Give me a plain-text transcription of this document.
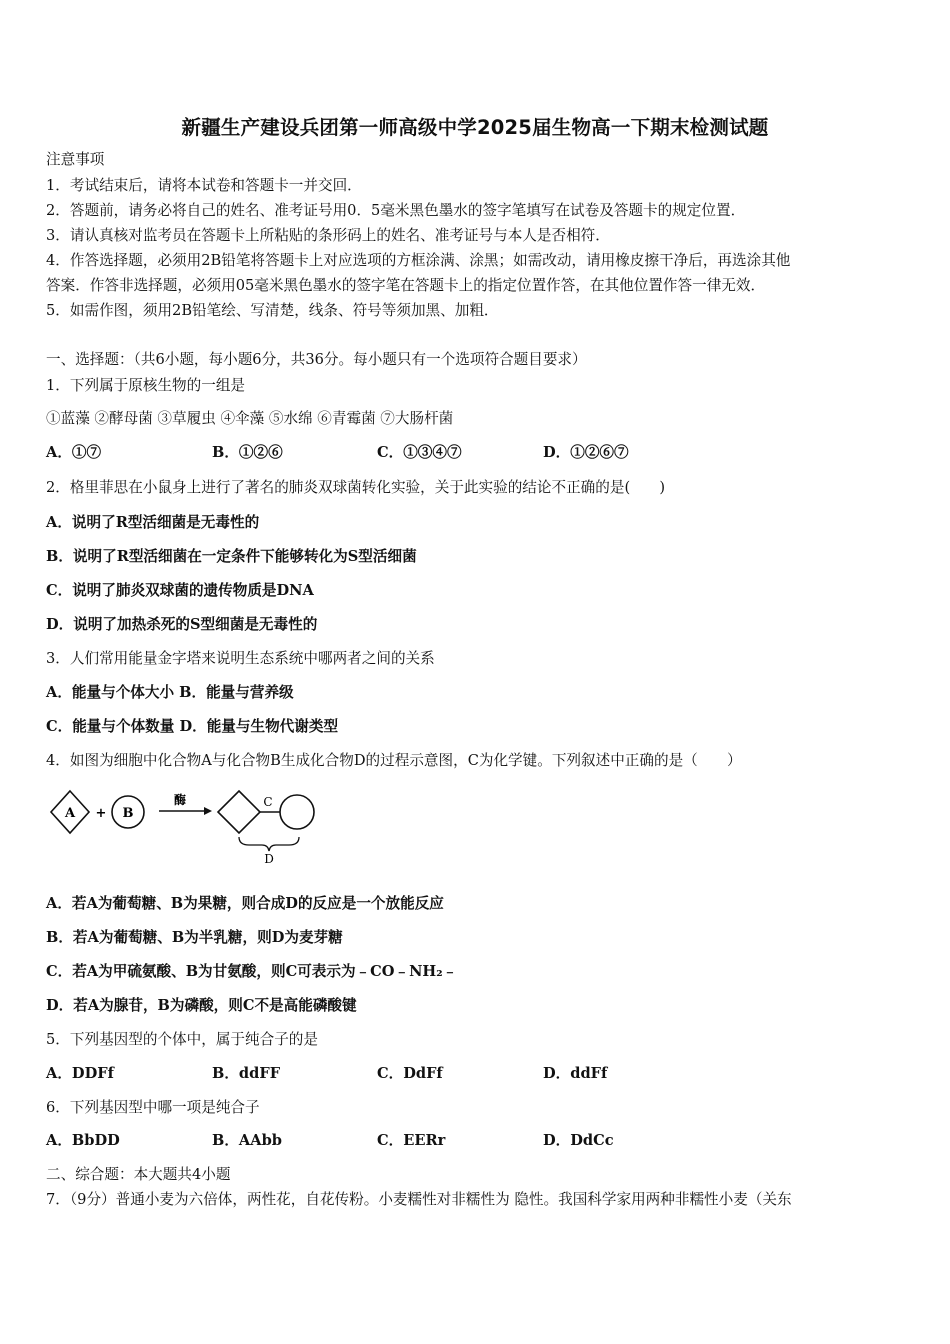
新疆生产建设兵团第一师高级中学2025届生物高一下期末检测试题
注意事项
1．考试结束后，请将本试卷和答题卡一并交回．
2．答题前，请务必将自己的姓名、准考证号用0．5毫米黑色墨水的签字笔填写在试卷及答题卡的规定位置．
3．请认真核对监考员在答题卡上所粘贴的条形码上的姓名、准考证号与本人是否相符．
4．作答选择题，必须用2B铅笔将答题卡上对应选项的方框涂满、涂黑；如需改动，请用橡皮擦干净后，再选涂其他
答案．作答非选择题，必须用05毫米黑色墨水的签字笔在答题卡上的指定位置作答，在其他位置作答一律无效．
5．如需作图，须用2B铅笔绘、写清楚，线条、符号等须加黑、加粗．
一、选择题：（共6小题，每小题6分，共36分。每小题只有一个选项符合题目要求）
1．下列属于原核生物的一组是
①蓝藻 ②酵母菌 ③草履虫 ④伞藻 ⑤水绵 ⑥青霉菌 ⑦大肠杆菌
A．①⑦	B．①②⑥	C．①③④⑦	D．①②⑥⑦
2．格里菲思在小鼠身上进行了著名的肺炎双球菌转化实验，关于此实验的结论不正确的是(　　)
A．说明了R型活细菌是无毒性的
B．说明了R型活细菌在一定条件下能够转化为S型活细菌
C．说明了肺炎双球菌的遗传物质是DNA
D．说明了加热杀死的S型细菌是无毒性的
3．人们常用能量金字塔来说明生态系统中哪两者之间的关系
A．能量与个体大小 B．能量与营养级
C．能量与个体数量 D．能量与生物代谢类型
4．如图为细胞中化合物A与化合物B生成化合物D的过程示意图，C为化学键。下列叙述中正确的是（　　）
A + B
酶	C
D
A．若A为葡萄糖、B为果糖，则合成D的反应是一个放能反应
B．若A为葡萄糖、B为半乳糖，则D为麦芽糖
C．若A为甲硫氨酸、B为甘氨酸，则C可表示为﹣CO﹣NH₂﹣
D．若A为腺苷，B为磷酸，则C不是高能磷酸键
5．下列基因型的个体中，属于纯合子的是
A．DDFf	B．ddFF	C．DdFf	D．ddFf
6．下列基因型中哪一项是纯合子
A．BbDD	B．AAbb	C．EERr	D．DdCc
二、综合题：本大题共4小题
7．（9分）普通小麦为六倍体，两性花，自花传粉。小麦糯性对非糯性为 隐性。我国科学家用两种非糯性小麦（关东
